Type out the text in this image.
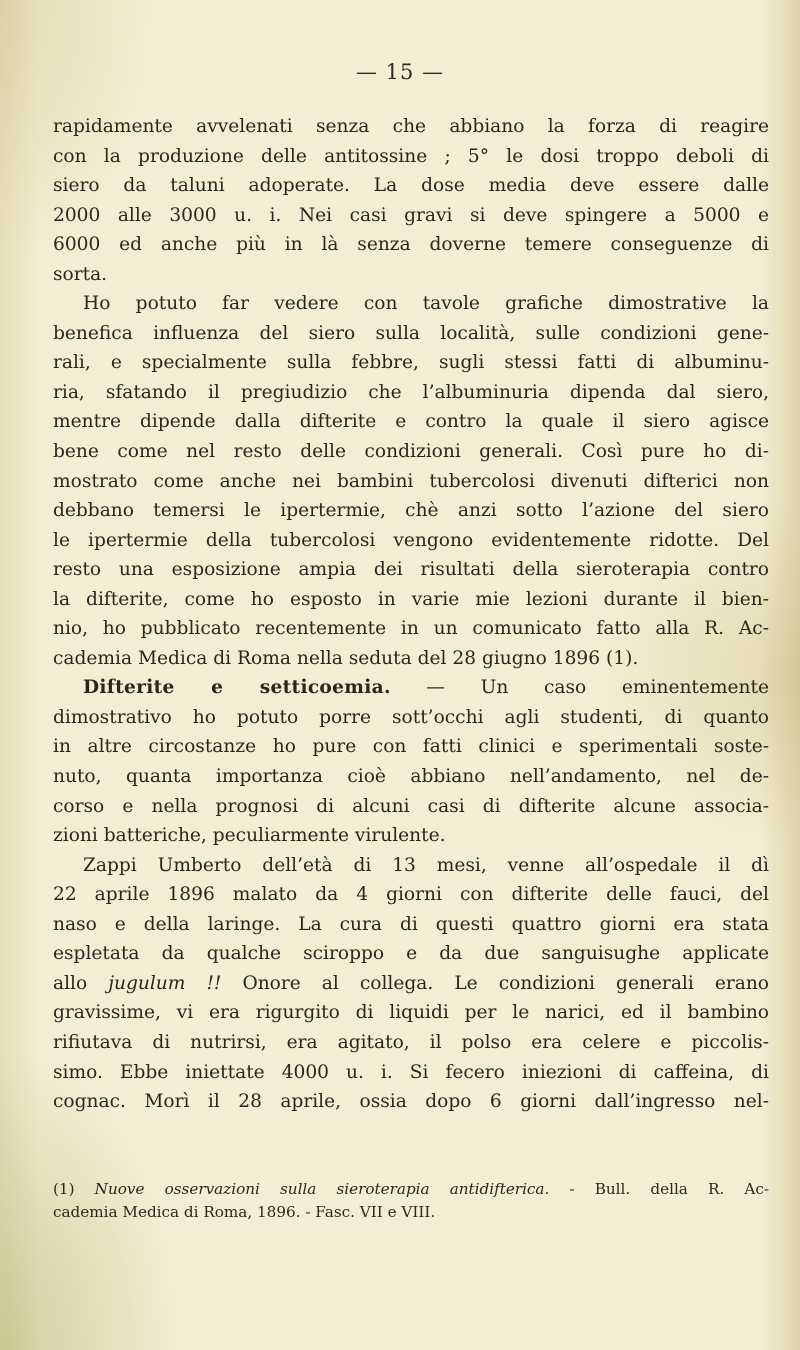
— 15 —
rapidamente avvelenati senza che abbiano la forza di reagire
con la produzione delle antitossine ; 5° le dosi troppo deboli di
siero da taluni adoperate. La dose media deve essere dalle
2000 alle 3000 u. i. Nei casi gravi si deve spingere a 5000 e
6000 ed anche più in là senza doverne temere conseguenze di
sorta.
Ho potuto far vedere con tavole grafiche dimostrative la
benefica influenza del siero sulla località, sulle condizioni gene-
rali, e specialmente sulla febbre, sugli stessi fatti di albuminu-
ria, sfatando il pregiudizio che l’albuminuria dipenda dal siero,
mentre dipende dalla difterite e contro la quale il siero agisce
bene come nel resto delle condizioni generali. Così pure ho di-
mostrato come anche nei bambini tubercolosi divenuti difterici non
debbano temersi le ipertermie, chè anzi sotto l’azione del siero
le ipertermie della tubercolosi vengono evidentemente ridotte. Del
resto una esposizione ampia dei risultati della sieroterapia contro
la difterite, come ho esposto in varie mie lezioni durante il bien-
nio, ho pubblicato recentemente in un comunicato fatto alla R. Ac-
cademia Medica di Roma nella seduta del 28 giugno 1896 (1).
Difterite e setticoemia. — Un caso eminentemente
dimostrativo ho potuto porre sott’occhi agli studenti, di quanto
in altre circostanze ho pure con fatti clinici e sperimentali soste-
nuto, quanta importanza cioè abbiano nell’andamento, nel de-
corso e nella prognosi di alcuni casi di difterite alcune associa-
zioni batteriche, peculiarmente virulente.
Zappi Umberto dell’età di 13 mesi, venne all’ospedale il dì
22 aprile 1896 malato da 4 giorni con difterite delle fauci, del
naso e della laringe. La cura di questi quattro giorni era stata
espletata da qualche sciroppo e da due sanguisughe applicate
allo jugulum !! Onore al collega. Le condizioni generali erano
gravissime, vi era rigurgito di liquidi per le narici, ed il bambino
rifiutava di nutrirsi, era agitato, il polso era celere e piccolis-
simo. Ebbe iniettate 4000 u. i. Si fecero iniezioni di caffeina, di
cognac. Morì il 28 aprile, ossia dopo 6 giorni dall’ingresso nel-
(1) Nuove osservazioni sulla sieroterapia antidifterica. - Bull. della R. Ac-
cademia Medica di Roma, 1896. - Fasc. VII e VIII.
